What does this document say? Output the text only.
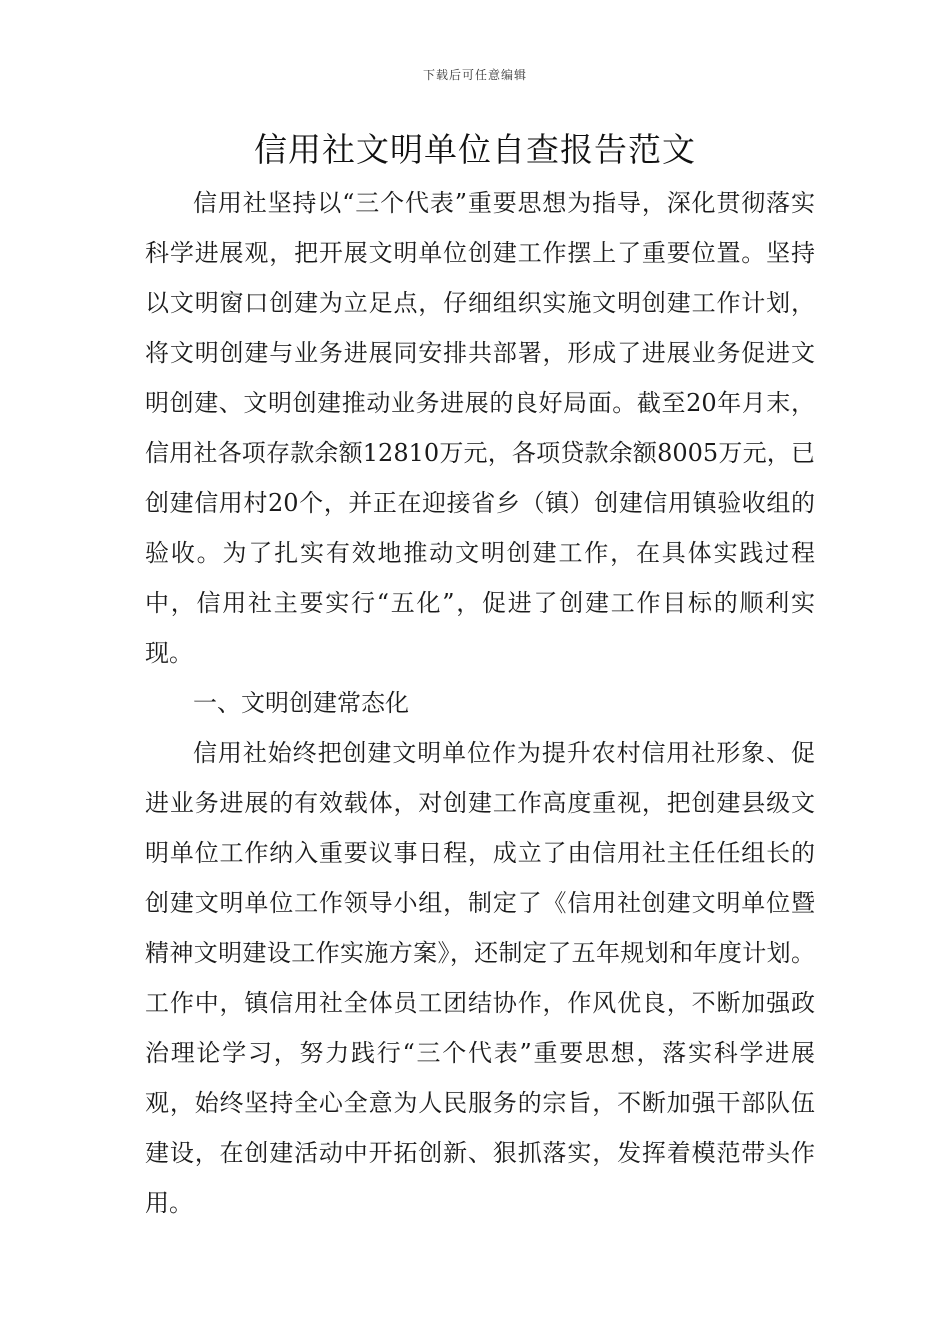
下载后可任意编辑
信用社文明单位自查报告范文

信用社坚持以“三个代表”重要思想为指导，深化贯彻落实科学进展观，把开展文明单位创建工作摆上了重要位置。坚持以文明窗口创建为立足点，仔细组织实施文明创建工作计划，将文明创建与业务进展同安排共部署，形成了进展业务促进文明创建、文明创建推动业务进展的良好局面。截至20年月末，信用社各项存款余额12810万元，各项贷款余额8005万元，已创建信用村20个，并正在迎接省乡（镇）创建信用镇验收组的验收。为了扎实有效地推动文明创建工作，在具体实践过程中，信用社主要实行“五化”，促进了创建工作目标的顺利实现。

一、文明创建常态化

信用社始终把创建文明单位作为提升农村信用社形象、促进业务进展的有效载体，对创建工作高度重视，把创建县级文明单位工作纳入重要议事日程，成立了由信用社主任任组长的创建文明单位工作领导小组，制定了《信用社创建文明单位暨精神文明建设工作实施方案》，还制定了五年规划和年度计划。工作中，镇信用社全体员工团结协作，作风优良，不断加强政治理论学习，努力践行“三个代表”重要思想，落实科学进展观，始终坚持全心全意为人民服务的宗旨，不断加强干部队伍建设，在创建活动中开拓创新、狠抓落实，发挥着模范带头作用。
